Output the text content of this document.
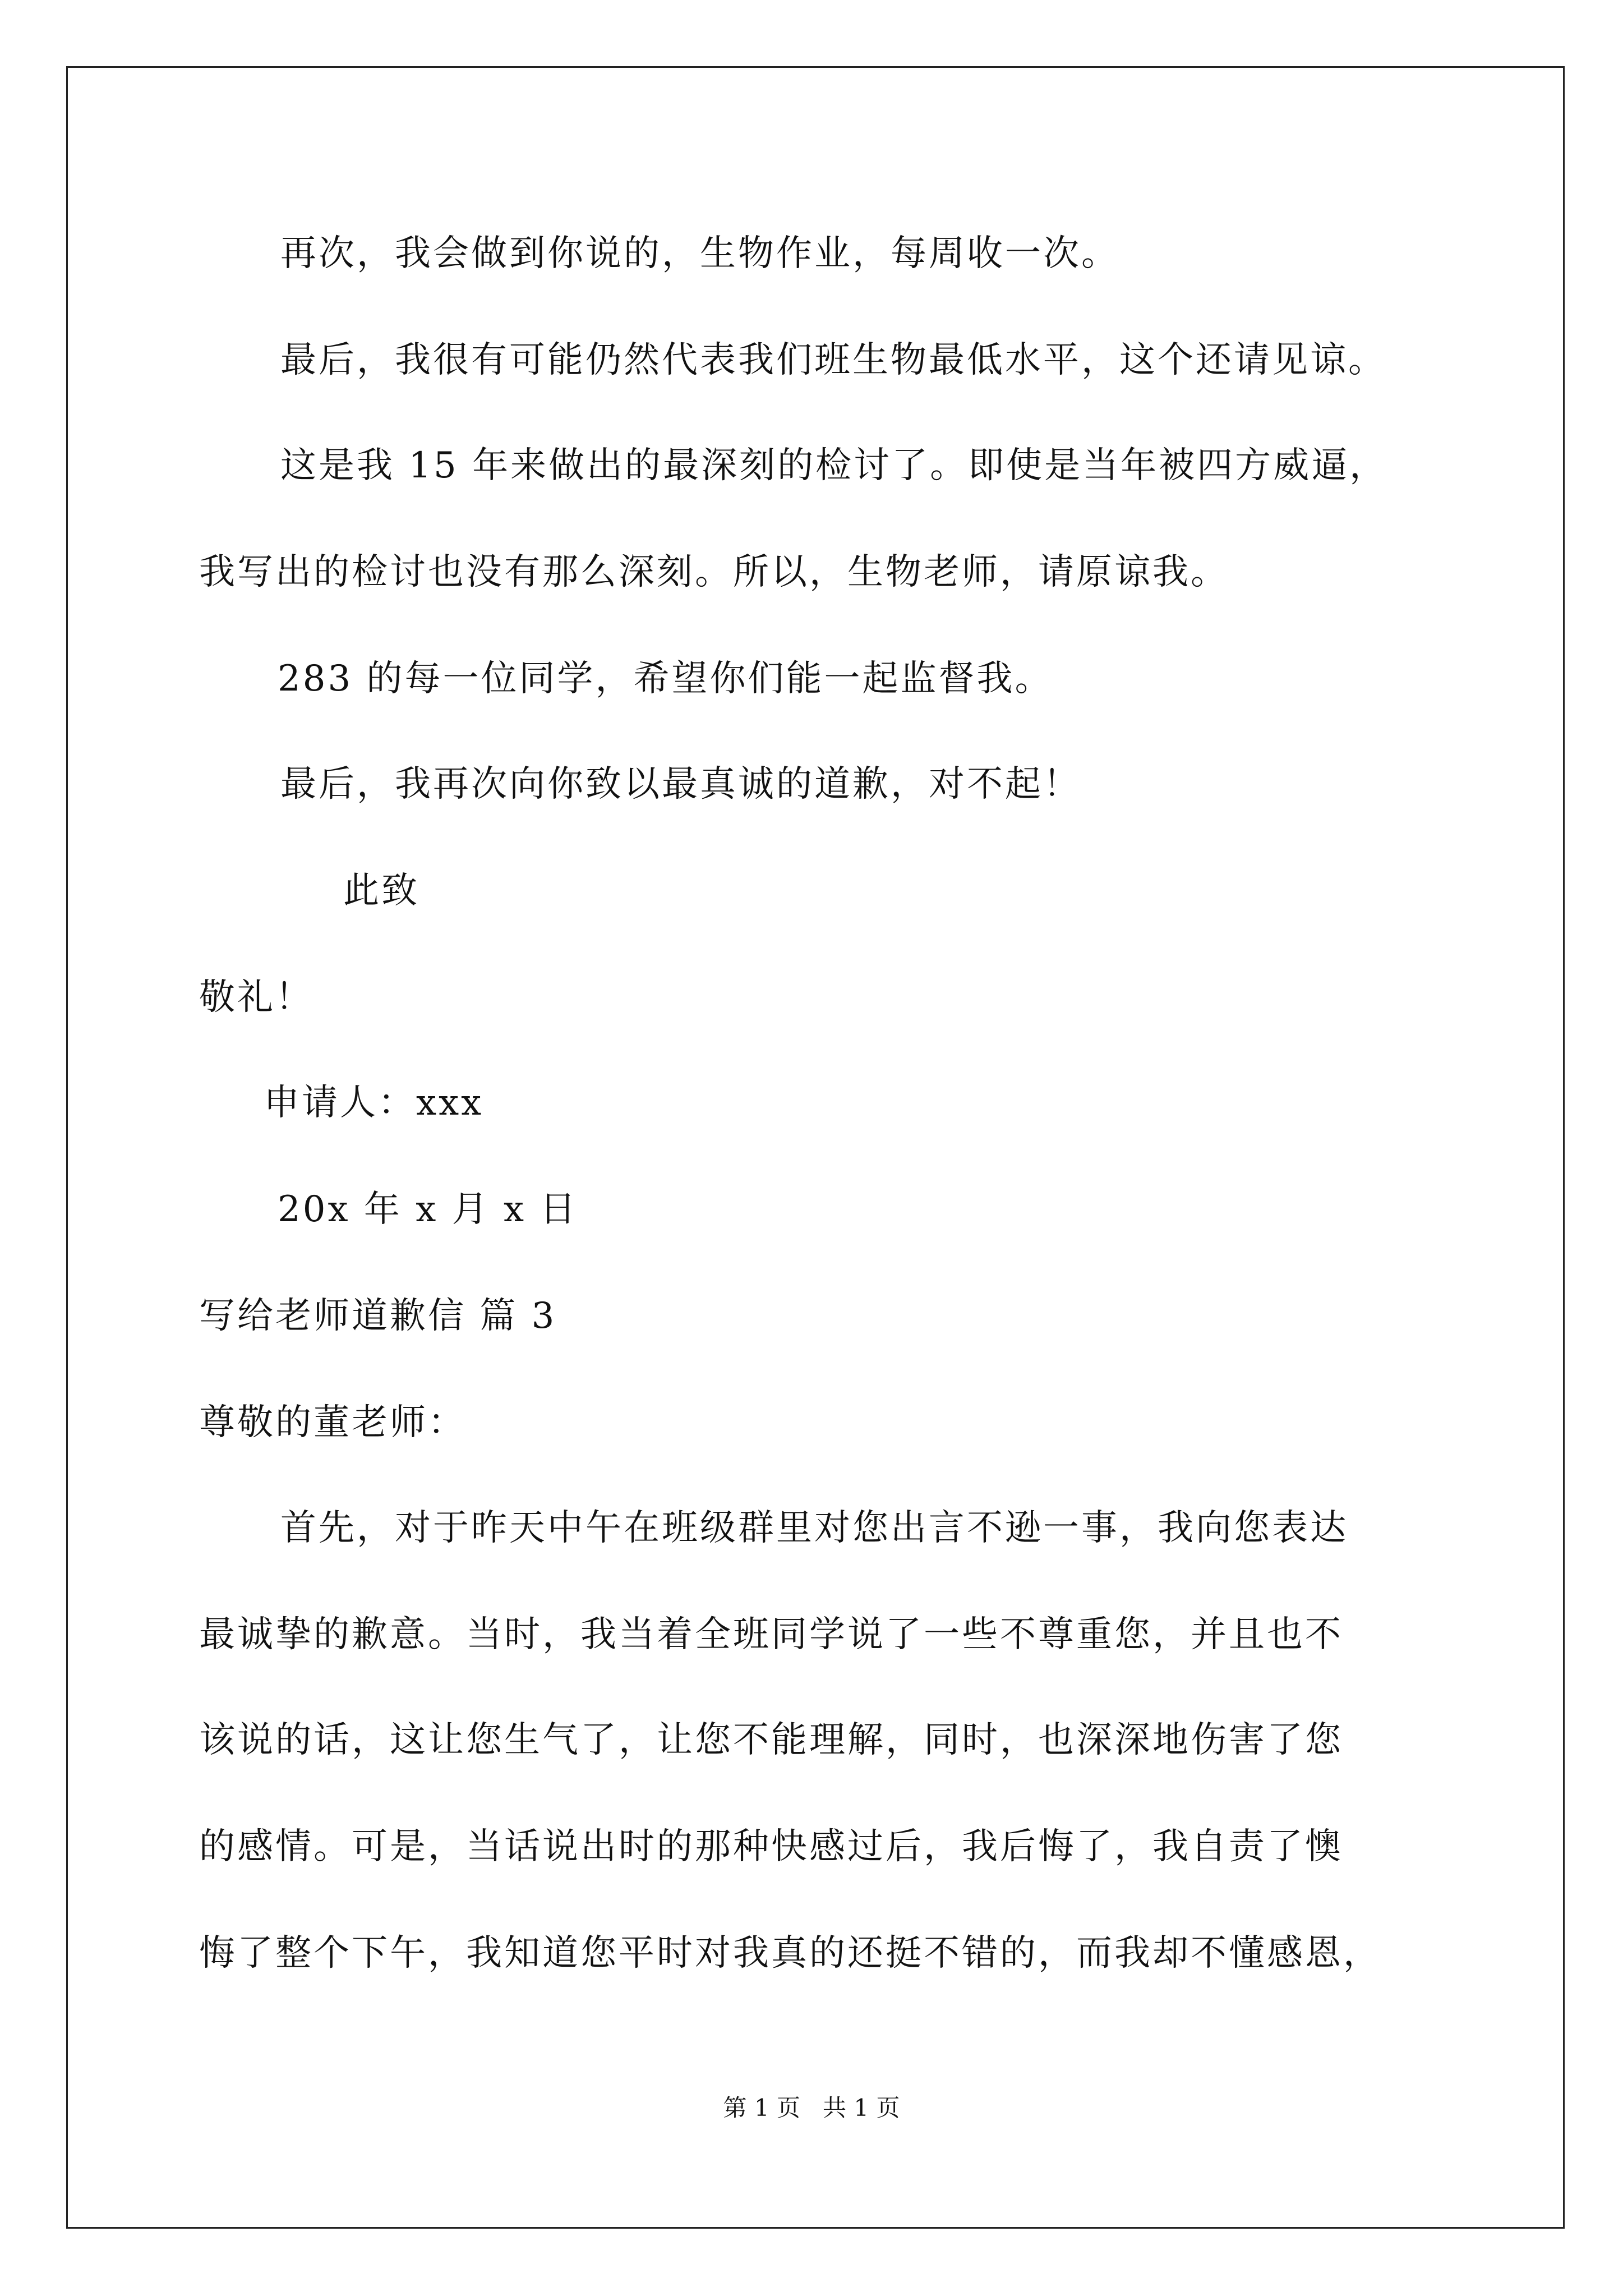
再次，我会做到你说的，生物作业，每周收一次。
最后，我很有可能仍然代表我们班生物最低水平，这个还请见谅。
这是我 15 年来做出的最深刻的检讨了。即使是当年被四方威逼，
我写出的检讨也没有那么深刻。所以，生物老师，请原谅我。
283 的每一位同学，希望你们能一起监督我。
最后，我再次向你致以最真诚的道歉，对不起！
此致
敬礼！
申请人：xxx
20x 年 x 月 x 日
写给老师道歉信 篇 3
尊敬的董老师：
首先，对于昨天中午在班级群里对您出言不逊一事，我向您表达
最诚挚的歉意。当时，我当着全班同学说了一些不尊重您，并且也不
该说的话，这让您生气了，让您不能理解，同时，也深深地伤害了您
的感情。可是，当话说出时的那种快感过后，我后悔了，我自责了懊
悔了整个下午，我知道您平时对我真的还挺不错的，而我却不懂感恩，
第 1 页   共 1 页
